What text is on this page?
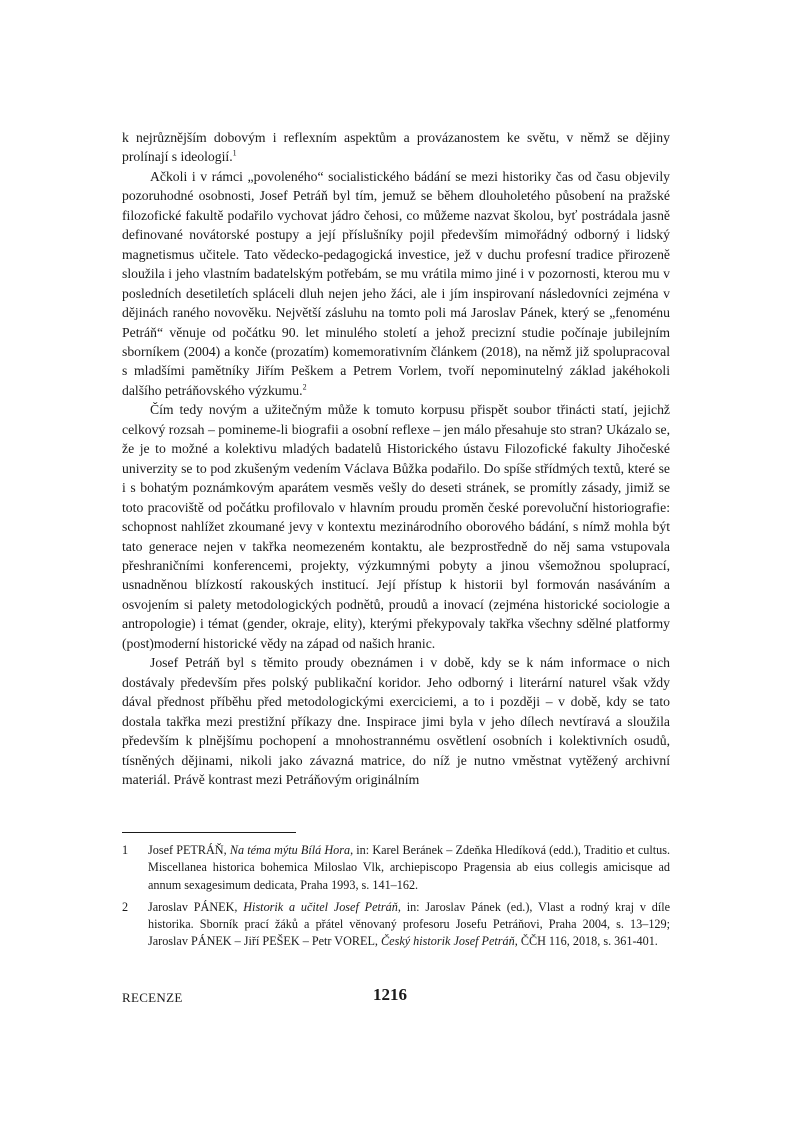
k nejrůznějším dobovým i reflexním aspektům a provázanostem ke světu, v němž se dějiny prolínají s ideologií.$^1$

Ačkoli i v rámci „povoleného“ socialistického bádání se mezi historiky čas od času objevily pozoruhodné osobnosti, Josef Petráň byl tím, jemuž se během dlouholetého působení na pražské filozofické fakultě podařilo vychovat jádro čehosi, co můžeme nazvat školou, byť postrádala jasně definované novátorské postupy a její příslušníky pojil především mimořádný odborný i lidský magnetismus učitele. Tato vědecko-pedagogická investice, jež v duchu profesní tradice přirozeně sloužila i jeho vlastním badatelským potřebám, se mu vrátila mimo jiné i v pozornosti, kterou mu v posledních desetiletích spláceli dluh nejen jeho žáci, ale i jím inspirovaní následovníci zejména v dějinách raného novověku. Největší zásluhu na tomto poli má Jaroslav Pánek, který se „fenoménu Petráň“ věnuje od počátku 90. let minulého století a jehož precizní studie počínaje jubilejním sborníkem (2004) a konče (prozatím) komemorativním článkem (2018), na němž již spolupracoval s mladšími pamětníky Jiřím Peškem a Petrem Vorlem, tvoří nepominutelný základ jakéhokoli dalšího petráňovského výzkumu.$^2$

Čím tedy novým a užitečným může k tomuto korpusu přispět soubor třinácti statí, jejichž celkový rozsah – pomineme-li biografii a osobní reflexe – jen málo přesahuje sto stran? Ukázalo se, že je to možné a kolektivu mladých badatelů Historického ústavu Filozofické fakulty Jihočeské univerzity se to pod zkušeným vedením Václava Bůžka podařilo. Do spíše střídmých textů, které se i s bohatým poznámkovým aparátem vesměs vešly do deseti stránek, se promítly zásady, jimiž se toto pracoviště od počátku profilovalo v hlavním proudu proměn české porevoluční historiografie: schopnost nahlížet zkoumané jevy v kontextu mezinárodního oborového bádání, s nímž mohla být tato generace nejen v takřka neomezeném kontaktu, ale bezprostředně do něj sama vstupovala přeshraničními konferencemi, projekty, výzkumnými pobyty a jinou všemožnou spoluprací, usnadněnou blízkostí rakouských institucí. Její přístup k historii byl formován nasáváním a osvojením si palety metodologických podnětů, proudů a inovací (zejména historické sociologie a antropologie) i témat (gender, okraje, elity), kterými překypovaly takřka všechny sdělné platformy (post)moderní historické vědy na západ od našich hranic.

Josef Petráň byl s těmito proudy obeznámen i v době, kdy se k nám informace o nich dostávaly především přes polský publikační koridor. Jeho odborný i literární naturel však vždy dával přednost příběhu před metodologickými exerciciemi, a to i později – v době, kdy se tato dostala takřka mezi prestižní příkazy dne. Inspirace jimi byla v jeho dílech nevtíravá a sloužila především k plnějšímu pochopení a mnohostrannému osvětlení osobních i kolektivních osudů, tísněných dějinami, nikoli jako závazná matrice, do níž je nutno vměstnat vytěžený archivní materiál. Právě kontrast mezi Petráňovým originálním

1	Josef PETRÁŇ, Na téma mýtu Bílá Hora, in: Karel Beránek – Zdeňka Hledíková (edd.), Traditio et cultus. Miscellanea historica bohemica Miloslao Vlk, archiepiscopo Pragensia ab eius collegis amicisque ad annum sexagesimum dedicata, Praha 1993, s. 141–162.
2	Jaroslav PÁNEK, Historik a učitel Josef Petráň, in: Jaroslav Pánek (ed.), Vlast a rodný kraj v díle historika. Sborník prací žáků a přátel věnovaný profesoru Josefu Petráňovi, Praha 2004, s. 13–129; Jaroslav PÁNEK – Jiří PEŠEK – Petr VOREL, Český historik Josef Petráň, ČČH 116, 2018, s. 361-401.
RECENZE	1216
